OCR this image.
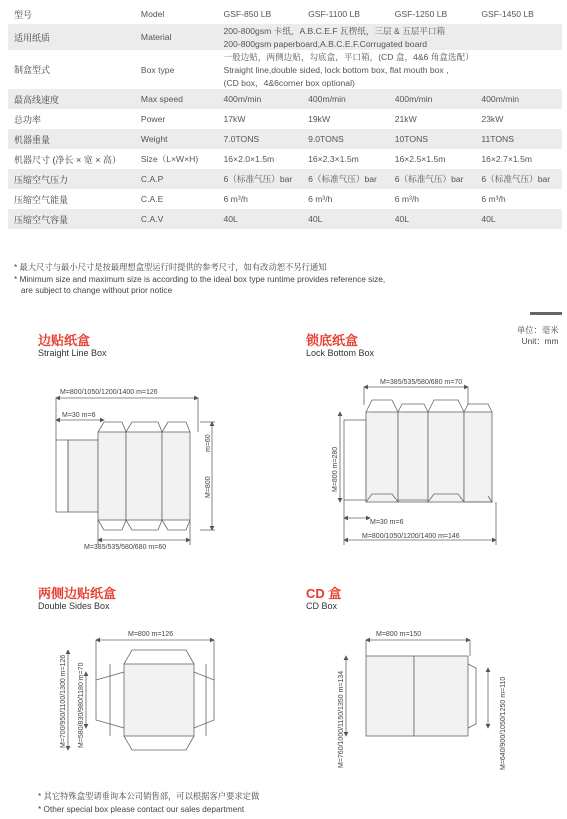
型号	Model	GSF-850 LB	GSF-1100 LB	GSF-1250 LB	GSF-1450 LB
适用纸质	Material	200-800gsm 卡纸，A.B.C.E.F 瓦楞纸，三层 & 五层平口箱			
		200-800gsm paperboard,A.B.C.E.F.Corrugated board			
制盒型式	Box type	一般边贴，两侧边贴，勾底盒，平口箱，(CD 盒，4&6 角盒选配）			
		Straight line,double sided, lock bottom box, flat mouth box ,			
		(CD box，4&6corner box optional)			
最高线速度	Max speed	400m/min	400m/min	400m/min	400m/min
总功率	Power	17kW	19kW	21kW	23kW
机器重量	Weight	7.0TONS	9.0TONS	10TONS	11TONS
机器尺寸 (净长 × 宽 × 高）	Size（L×W×H)	16×2.0×1.5m	16×2.3×1.5m	16×2.5×1.5m	16×2.7×1.5m
压缩空气压力	C.A.P	6（标准气压）bar	6（标准气压）bar	6（标准气压）bar	6（标准气压）bar
压缩空气能量	C.A.E	6 m³/h	6 m³/h	6 m³/h	6 m³/h
压缩空气容量	C.A.V	40L	40L	40L	40L
* 最大尺寸与最小尺寸是按最理想盒型运行时提供的参考尺寸，如有改动恕不另行通知
* Minimum size and maximum size is according to the ideal box type runtime provides reference size,
are subject to change without prior notice
单位：毫米
Unit：mm
边贴纸盒
Straight Line Box
锁底纸盒
Lock Bottom Box
两侧边贴纸盒
Double Sides Box
CD 盒
CD Box
M=800/1050/1200/1400 m=126
M=30 m=6
M=385/535/580/680 m=60
m=60
M=800
M=385/535/580/680 m=70
M=800 m=280
M=30 m=6
M=800/1050/1200/1400 m=146
M=800 m=126
M=700/950/1100/1300 m=126 M=580/830/980/1180 m=70
M=800 m=150
M=760/1000/1150/1350 m=134	M=640/900/1050/1250 m=110
* 其它特殊盒型请垂询本公司销售部，可以根据客户要求定做
* Other special box please contact our sales department
